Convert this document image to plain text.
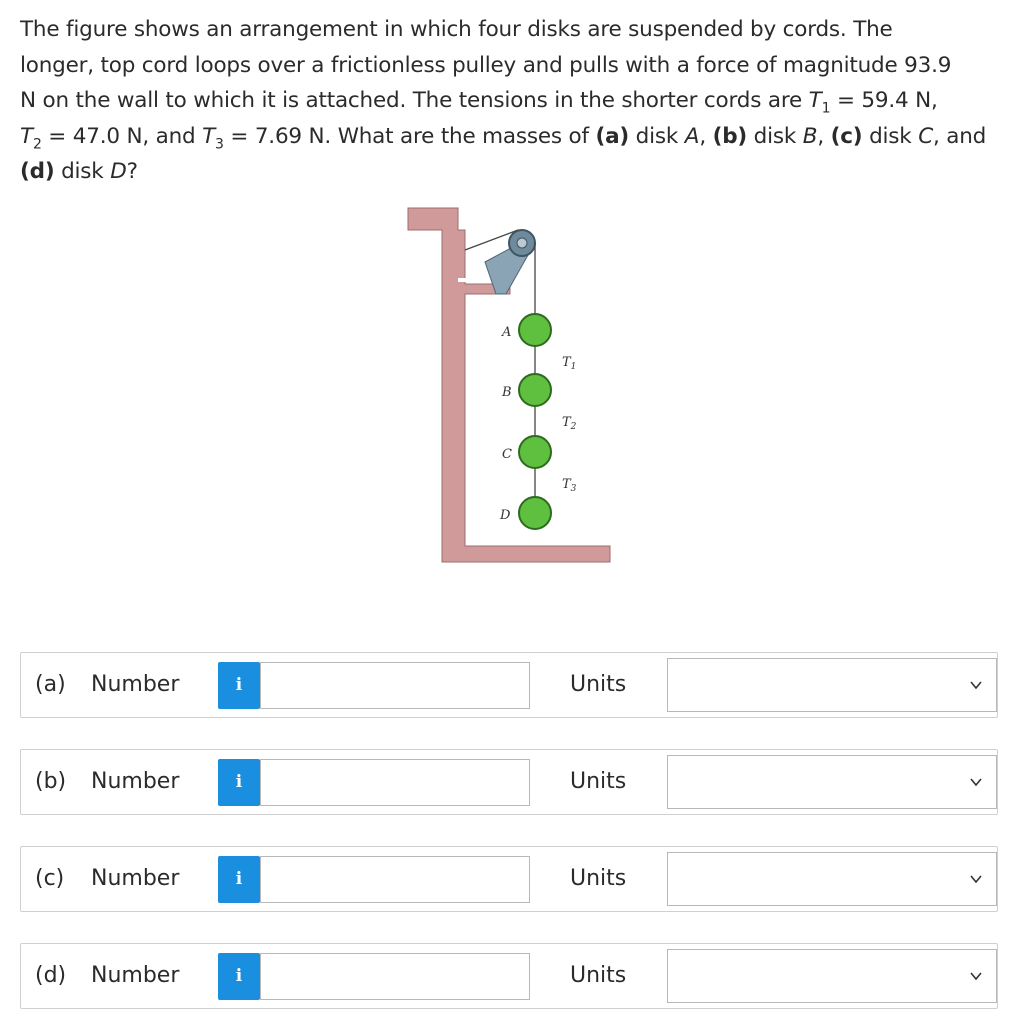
The figure shows an arrangement in which four disks are suspended by cords. The
longer, top cord loops over a frictionless pulley and pulls with a force of magnitude 93.9
N on the wall to which it is attached. The tensions in the shorter cords are $T_1 = 59.4$ N,
$T_2 = 47.0$ N, and $T_3 = 7.69$ N. What are the masses of (a) disk A, (b) disk B, (c) disk C, and
(d) disk D?
A
B
C
D
$T_1$
$T_2$
$T_3$
(a) Number	i	Units
(b) Number	i	Units
(c) Number	i	Units
(d) Number	i	Units
